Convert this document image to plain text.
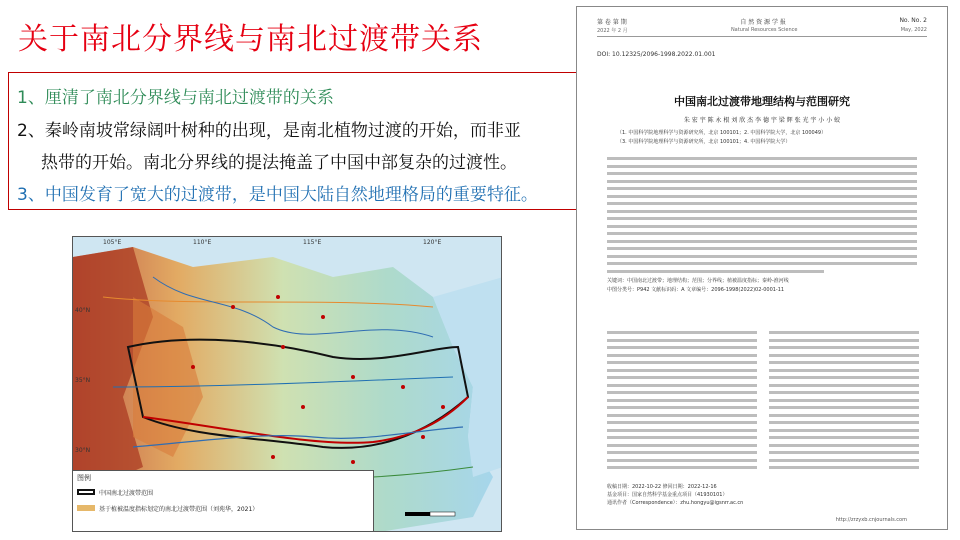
关于南北分界线与南北过渡带关系
1、厘清了南北分界线与南北过渡带的关系
2、秦岭南坡常绿阔叶树种的出现，是南北植物过渡的开始，而非亚
热带的开始。南北分界线的提法掩盖了中国中部复杂的过渡性。
3、中国发育了宽大的过渡带，是中国大陆自然地理格局的重要特征。
105°E	110°E	115°E	120°E
40°N
35°N
30°N
图例
中国南北过渡带范围
基于植被温度指标划定的南北过渡带范围（刘苑华，2021）
第 卷 第 期	自 然 资 源 学 报	No. No. 2
2022 年 2 月	Natural Resources Science	May, 2022
DOI: 10.12325/2096-1998.2022.01.001
中国南北过渡带地理结构与范围研究
朱 宏 宇 陈 永 根 刘 欣 杰 李 德 宇 梁 辉 张 光 宇 小 小 蛟
（1. 中国科学院地理科学与资源研究所，北京 100101；2. 中国科学院大学，北京 100049）
（3. 中国科学院地理科学与资源研究所，北京 100101；4. 中国科学院大学）
关键词：中国南北过渡带；地理结构；范围；分界线；植被温度指标；秦岭-淮河线
中图分类号：P942 文献标识码：A 文章编号：2096-1998(2022)02-0001-11
收稿日期：2022-10-22 修回日期：2022-12-16
基金项目：国家自然科学基金重点项目（41930101）
通讯作者（Correspondence）：zhu.hongyu@igsnrr.ac.cn
http://zrzyxb.cnjournals.com
